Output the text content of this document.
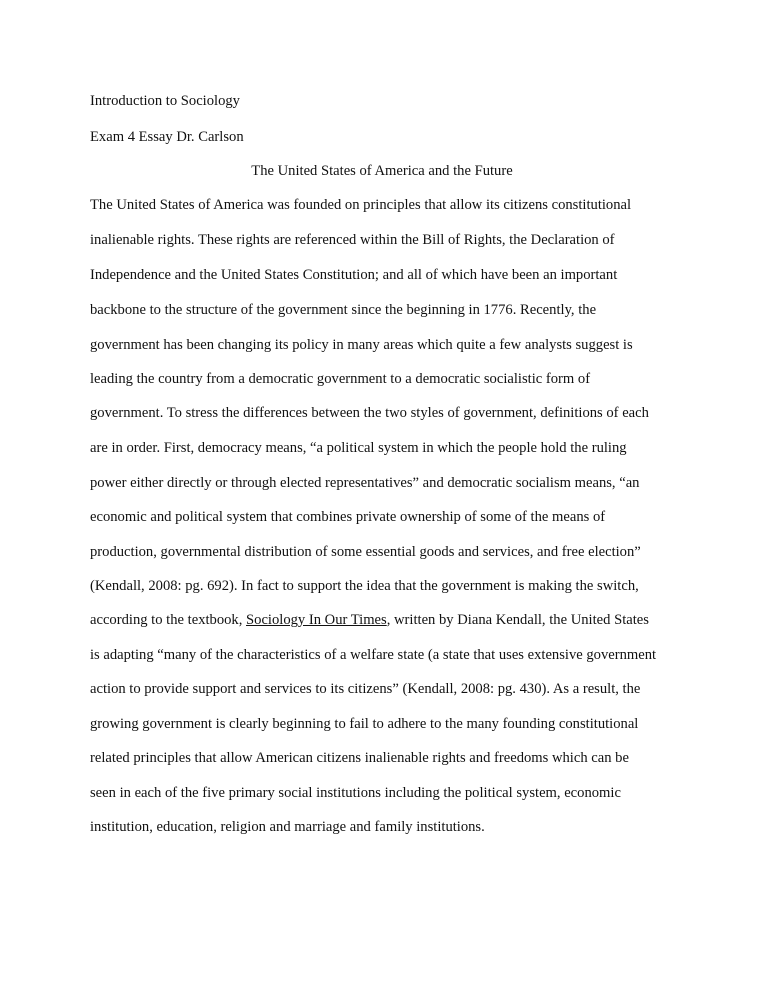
Introduction to Sociology
Exam 4 Essay Dr. Carlson
The United States of America and the Future
The United States of America was founded on principles that allow its citizens constitutional
inalienable rights. These rights are referenced within the Bill of Rights, the Declaration of
Independence and the United States Constitution; and all of which have been an important
backbone to the structure of the government since the beginning in 1776. Recently, the
government has been changing its policy in many areas which quite a few analysts suggest is
leading the country from a democratic government to a democratic socialistic form of
government. To stress the differences between the two styles of government, definitions of each
are in order. First, democracy means, “a political system in which the people hold the ruling
power either directly or through elected representatives” and democratic socialism means, “an
economic and political system that combines private ownership of some of the means of
production, governmental distribution of some essential goods and services, and free election”
(Kendall, 2008: pg. 692). In fact to support the idea that the government is making the switch,
according to the textbook, Sociology In Our Times, written by Diana Kendall, the United States
is adapting “many of the characteristics of a welfare state (a state that uses extensive government
action to provide support and services to its citizens” (Kendall, 2008: pg. 430). As a result, the
growing government is clearly beginning to fail to adhere to the many founding constitutional
related principles that allow American citizens inalienable rights and freedoms which can be
seen in each of the five primary social institutions including the political system, economic
institution, education, religion and marriage and family institutions.
